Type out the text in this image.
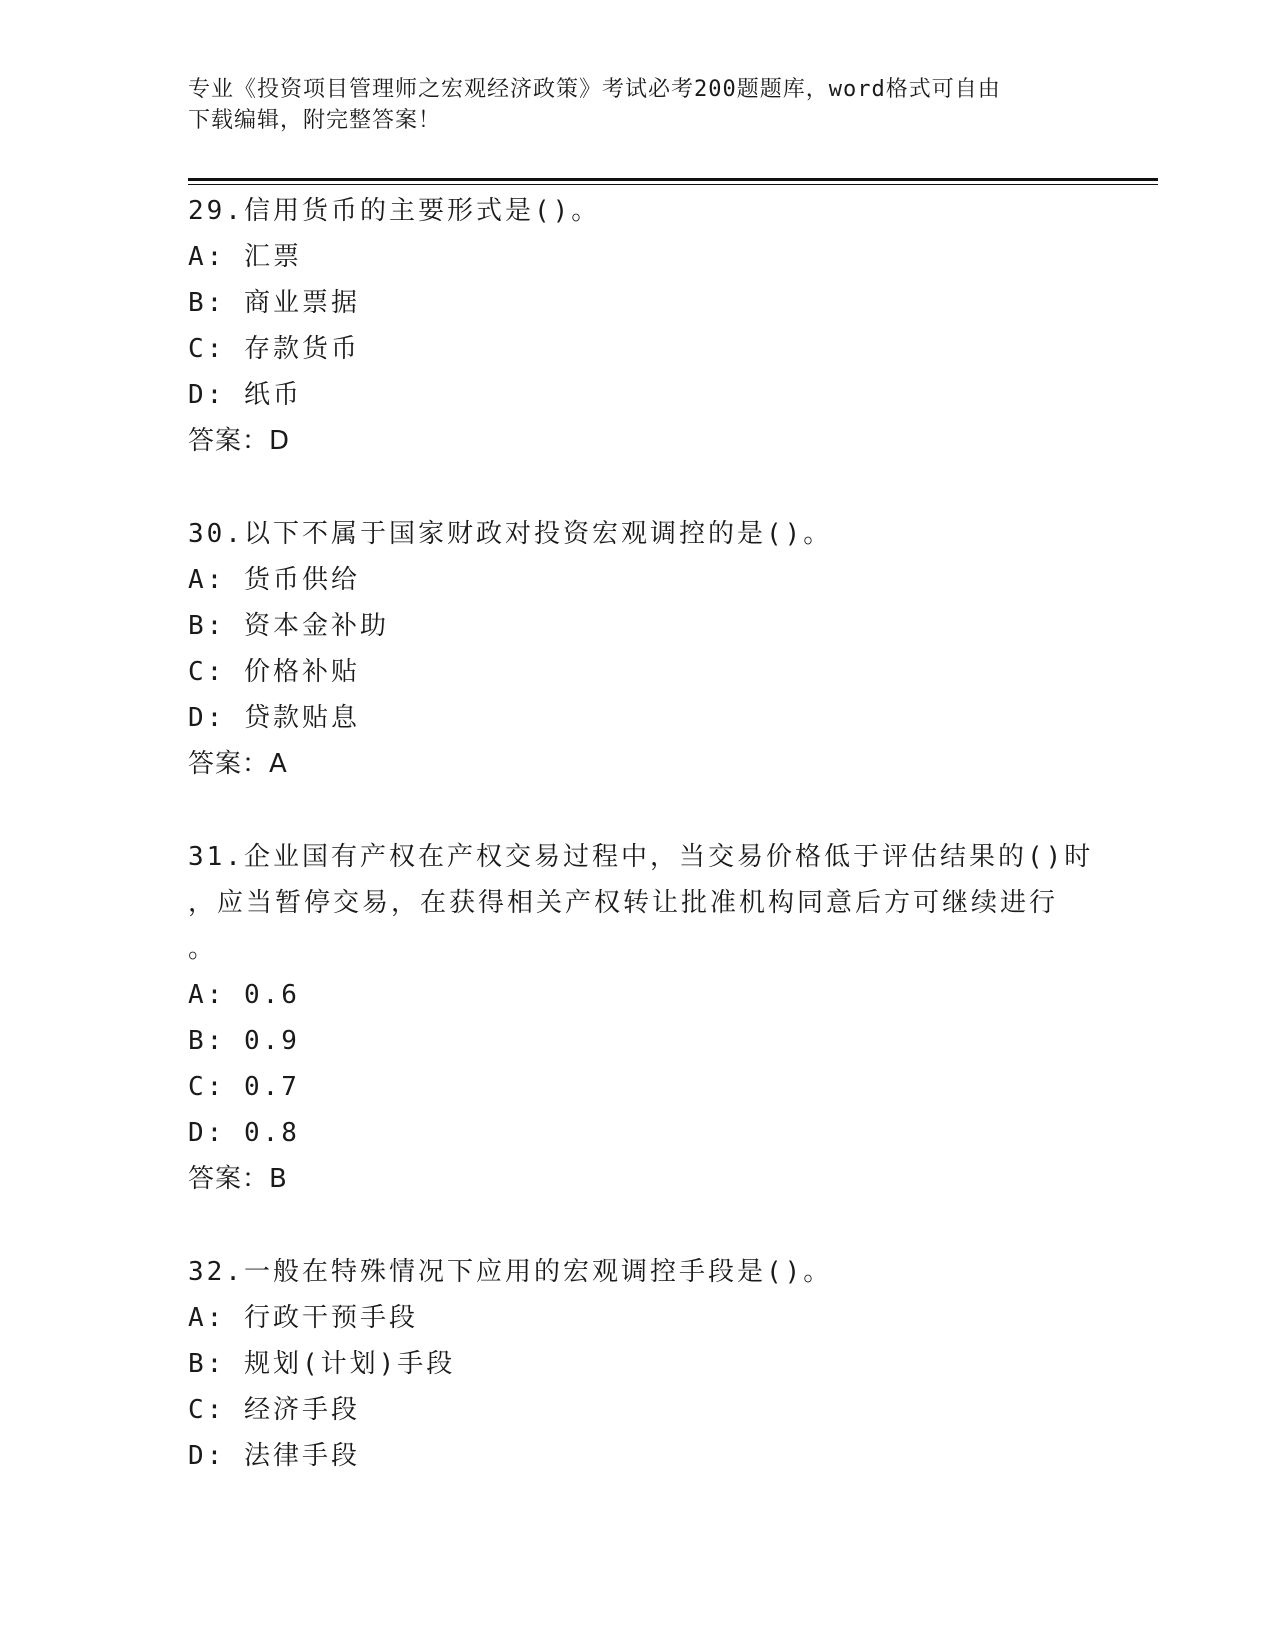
专业《投资项目管理师之宏观经济政策》考试必考200题题库，word格式可自由
下载编辑，附完整答案！
29.信用货币的主要形式是()。
A: 汇票
B: 商业票据
C: 存款货币
D: 纸币
答案：D
30.以下不属于国家财政对投资宏观调控的是()。
A: 货币供给
B: 资本金补助
C: 价格补贴
D: 贷款贴息
答案：A
31.企业国有产权在产权交易过程中，当交易价格低于评估结果的()时
，应当暂停交易，在获得相关产权转让批准机构同意后方可继续进行
。
A: 0.6
B: 0.9
C: 0.7
D: 0.8
答案：B
32.一般在特殊情况下应用的宏观调控手段是()。
A: 行政干预手段
B: 规划(计划)手段
C: 经济手段
D: 法律手段
